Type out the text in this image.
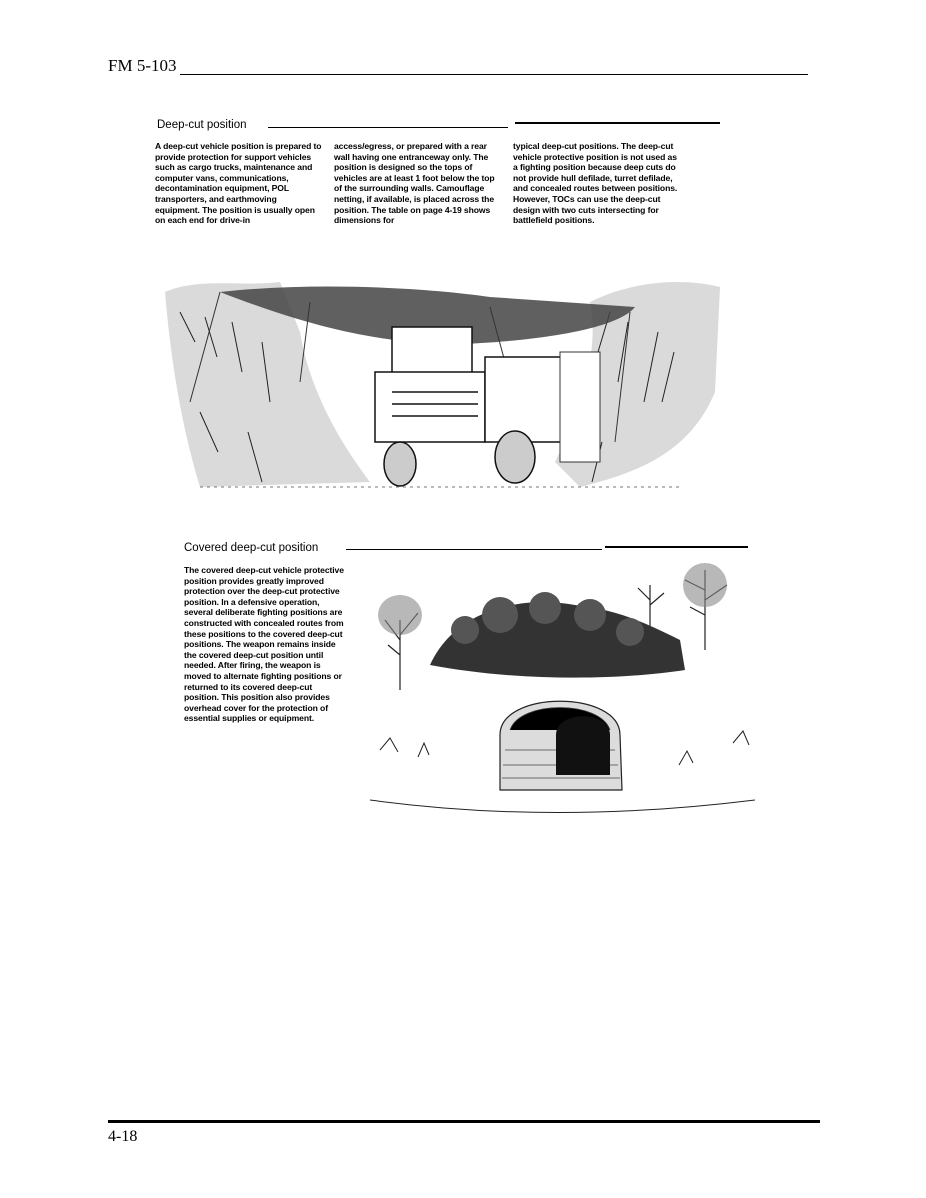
FM 5-103
Deep-cut position
A deep-cut vehicle position is prepared to provide protection for support vehicles such as cargo trucks, maintenance and computer vans, communications, decontamination equipment, POL transporters, and earthmoving equipment. The position is usually open on each end for drive-in
access/egress, or prepared with a rear wall having one entranceway only. The position is designed so the tops of vehicles are at least 1 foot below the top of the surrounding walls. Camouflage netting, if available, is placed across the position. The table on page 4-19 shows dimensions for
typical deep-cut positions. The deep-cut vehicle protective position is not used as a fighting position because deep cuts do not provide hull defilade, turret defilade, and concealed routes between positions. However, TOCs can use the deep-cut design with two cuts intersecting for battlefield positions.
Covered deep-cut position
The covered deep-cut vehicle protective position provides greatly improved protection over the deep-cut protective position. In a defensive operation, several deliberate fighting positions are constructed with concealed routes from these positions to the covered deep-cut positions. The weapon remains inside the covered deep-cut position until needed. After firing, the weapon is moved to alternate fighting positions or returned to its covered deep-cut position. This position also provides overhead cover for the protection of essential supplies or equipment.
4-18
